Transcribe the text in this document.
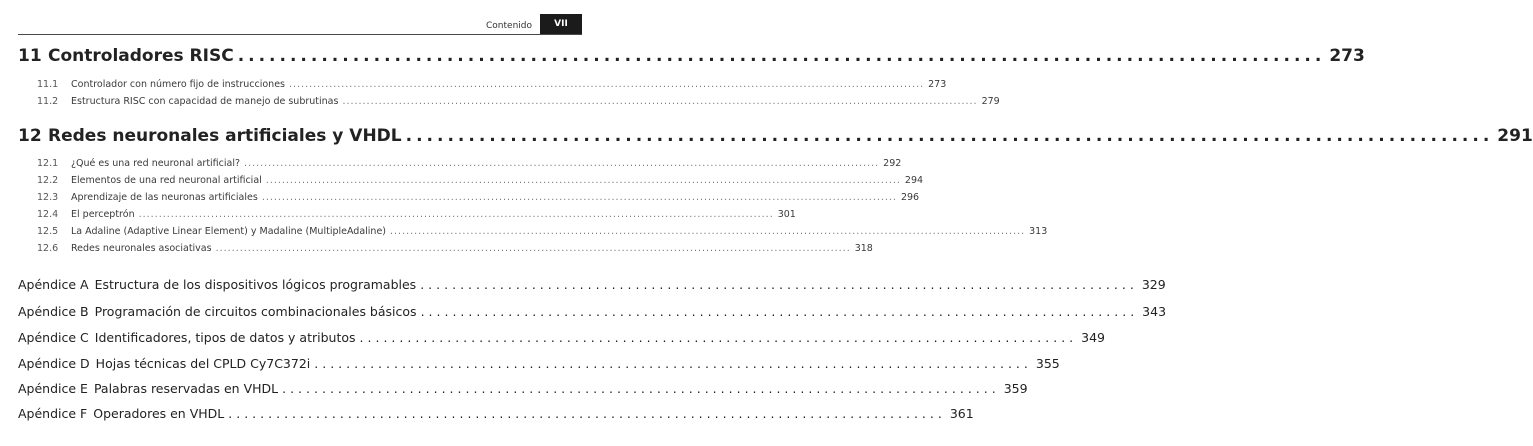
Contenido	VII
11 Controladores RISC ........................................................................................................ 273
11.1	Controlador con número fijo de instrucciones .............................................................................................................................................................. 273
11.2	Estructura RISC con capacidad de manejo de subrutinas .............................................................................................................................................................. 279
12 Redes neuronales artificiales y VHDL ........................................................................................................ 291
12.1	¿Qué es una red neuronal artificial? .............................................................................................................................................................. 292
12.2	Elementos de una red neuronal artificial .............................................................................................................................................................. 294
12.3	Aprendizaje de las neuronas artificiales .............................................................................................................................................................. 296
12.4	El perceptrón .............................................................................................................................................................. 301
12.5	La Adaline (Adaptive Linear Element) y Madaline (MultipleAdaline) .............................................................................................................................................................. 313
12.6	Redes neuronales asociativas .............................................................................................................................................................. 318
Apéndice A Estructura de los dispositivos lógicos programables .......................................................................................... 329
Apéndice B Programación de circuitos combinacionales básicos .......................................................................................... 343
Apéndice C Identificadores, tipos de datos y atributos .......................................................................................... 349
Apéndice D Hojas técnicas del CPLD Cy7C372i .......................................................................................... 355
Apéndice E Palabras reservadas en VHDL .......................................................................................... 359
Apéndice F Operadores en VHDL .......................................................................................... 361
